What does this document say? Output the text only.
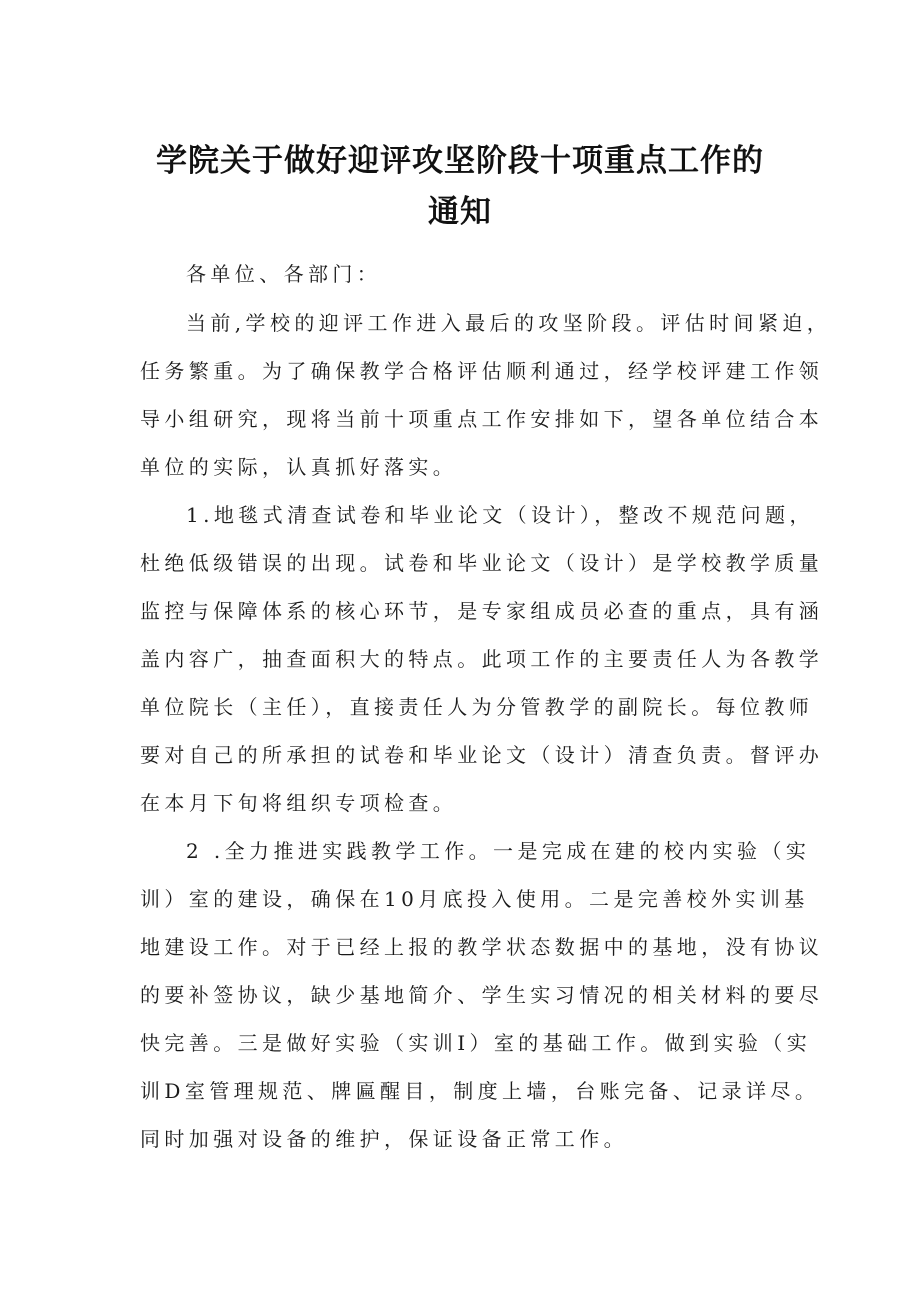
学院关于做好迎评攻坚阶段十项重点工作的
通知

各单位、各部门：

当前,学校的迎评工作进入最后的攻坚阶段。评估时间紧迫，

任务繁重。为了确保教学合格评估顺利通过，经学校评建工作领

导小组研究，现将当前十项重点工作安排如下，望各单位结合本

单位的实际，认真抓好落实。

1.地毯式清查试卷和毕业论文（设计），整改不规范问题，

杜绝低级错误的出现。试卷和毕业论文（设计）是学校教学质量

监控与保障体系的核心环节，是专家组成员必查的重点，具有涵

盖内容广，抽查面积大的特点。此项工作的主要责任人为各教学

单位院长（主任），直接责任人为分管教学的副院长。每位教师

要对自己的所承担的试卷和毕业论文（设计）清查负责。督评办

在本月下旬将组织专项检查。

2 .全力推进实践教学工作。一是完成在建的校内实验（实

训）室的建设，确保在10月底投入使用。二是完善校外实训基

地建设工作。对于已经上报的教学状态数据中的基地，没有协议

的要补签协议，缺少基地简介、学生实习情况的相关材料的要尽

快完善。三是做好实验（实训I）室的基础工作。做到实验（实

训D室管理规范、牌匾醒目，制度上墙，台账完备、记录详尽。

同时加强对设备的维护，保证设备正常工作。
